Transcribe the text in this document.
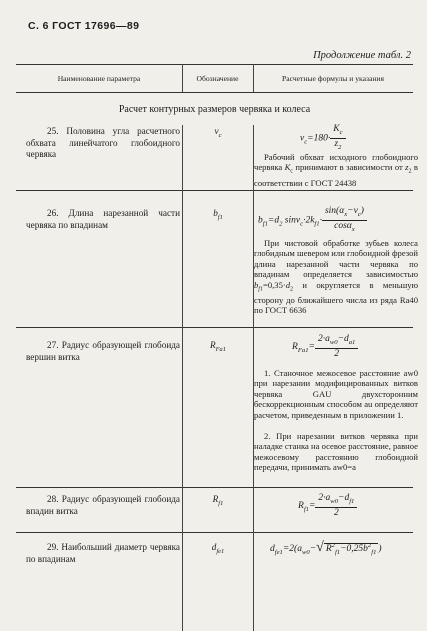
С. 6 ГОСТ 17696—89
Продолжение табл. 2
Наименование параметра	Обозначение	Расчетные формулы и указания
Расчет контурных размеров червяка и колеса
25. Половина угла расчетного обхвата линейчатого глобоидного червяка
$\nu_c$	$\nu_c=180\cdot \frac{K_c}{z_2}$
Рабочий обхват исходного глобоидного червяка $K_c$ принимают в зависимости от $z_2$ в соответствии с ГОСТ 24438
26. Длина нарезанной части червяка по впадинам
$b_{f1}$	$b_{f1}=d_2$ $\sin\nu_c\cdot 2k_{f1}\cdot \frac{\sin(\alpha_x-\nu_c)}{\cos\alpha_x}$
При чистовой обработке зубьев колеса глобидным шевером или глобоидной фрезой длина нарезанной части червяка по впадинам определяется зависимостью $b_{f1}=0,35\cdot d_2$ и округляется в меньшую сторону до ближайшего числа из ряда Ra40 по ГОСТ 6636
27. Радиус образующей глобоида вершин витка
$R_{Fa1}$	$R_{Fa1}= \frac{2\cdot a_{w0}-d_{a1}}{2}$
1. Станочное межосевое расстояние aw0 при нарезании модифицированных витков червяка GAU двухсторонним бескоррекционным способом au определяют расчетом, приведенным в приложении 1.
2. При нарезании витков червяка при наладке станка на осевое расстояние, равное межосевому расстоянию глобоидной передачи, принимать aw0=a
28. Радиус образующей глобоида впадин витка
$R_{f1}$	$R_{f1}= \frac{2\cdot a_{w0}-d_{f1}}{2}$
29. Наибольший диаметр червяка по впадинам
$d_{fe1}$	$d_{fe1}=2(a_{w0}-√$ $R^2_{f1}-0,25b^2_{f1}$ )
